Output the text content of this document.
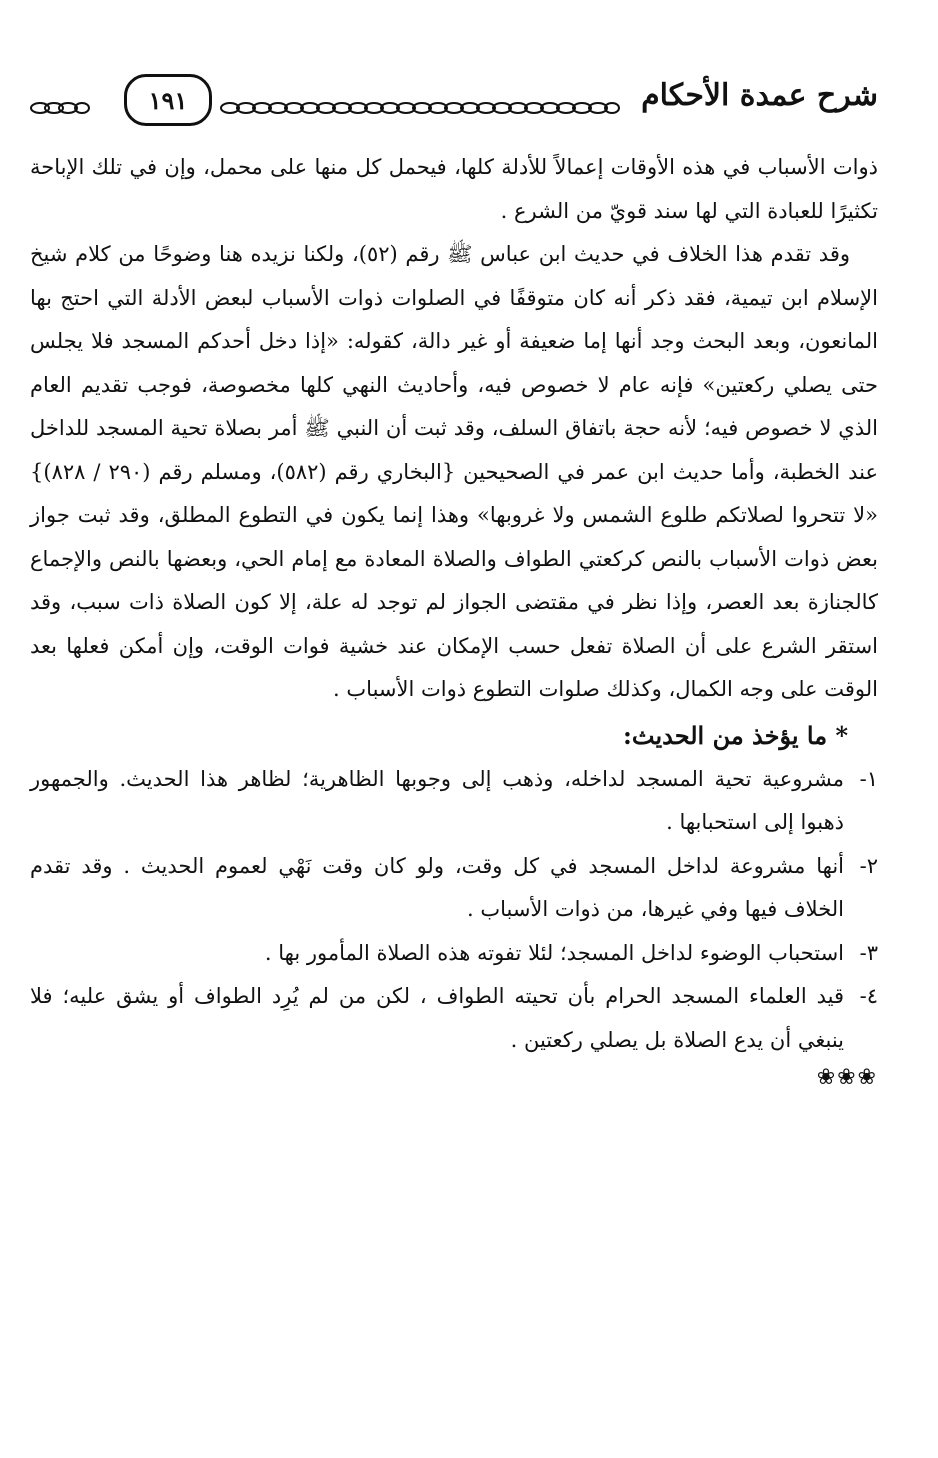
١٩١	شرح عمدة الأحكام

ذوات الأسباب في هذه الأوقات إعمالاً للأدلة كلها، فيحمل كل منها على محمل، وإن في تلك الإباحة تكثيرًا للعبادة التي لها سند قويّ من الشرع .

وقد تقدم هذا الخلاف في حديث ابن عباس ﷺ رقم (٥٢)، ولكنا نزيده هنا وضوحًا من كلام شيخ الإسلام ابن تيمية، فقد ذكر أنه كان متوقفًا في الصلوات ذوات الأسباب لبعض الأدلة التي احتج بها المانعون، وبعد البحث وجد أنها إما ضعيفة أو غير دالة، كقوله: «إذا دخل أحدكم المسجد فلا يجلس حتى يصلي ركعتين» فإنه عام لا خصوص فيه، وأحاديث النهي كلها مخصوصة، فوجب تقديم العام الذي لا خصوص فيه؛ لأنه حجة باتفاق السلف، وقد ثبت أن النبي ﷺ أمر بصلاة تحية المسجد للداخل عند الخطبة، وأما حديث ابن عمر في الصحيحين {البخاري رقم (٥٨٢)، ومسلم رقم (٢٩٠ / ٨٢٨)} «لا تتحروا لصلاتكم طلوع الشمس ولا غروبها» وهذا إنما يكون في التطوع المطلق، وقد ثبت جواز بعض ذوات الأسباب بالنص كركعتي الطواف والصلاة المعادة مع إمام الحي، وبعضها بالنص والإجماع كالجنازة بعد العصر، وإذا نظر في مقتضى الجواز لم توجد له علة، إلا كون الصلاة ذات سبب، وقد استقر الشرع على أن الصلاة تفعل حسب الإمكان عند خشية فوات الوقت، وإن أمكن فعلها بعد الوقت على وجه الكمال، وكذلك صلوات التطوع ذوات الأسباب .

* ما يؤخذ من الحديث:
١-
مشروعية تحية المسجد لداخله، وذهب إلى وجوبها الظاهرية؛ لظاهر هذا الحديث. والجمهور ذهبوا إلى استحبابها .
٢-
أنها مشروعة لداخل المسجد في كل وقت، ولو كان وقت نَهْي لعموم الحديث . وقد تقدم الخلاف فيها وفي غيرها، من ذوات الأسباب .
٣-
استحباب الوضوء لداخل المسجد؛ لئلا تفوته هذه الصلاة المأمور بها .
٤-
قيد العلماء المسجد الحرام بأن تحيته الطواف ، لكن من لم يُرِد الطواف أو يشق عليه؛ فلا ينبغي أن يدع الصلاة بل يصلي ركعتين .
❀❀❀
